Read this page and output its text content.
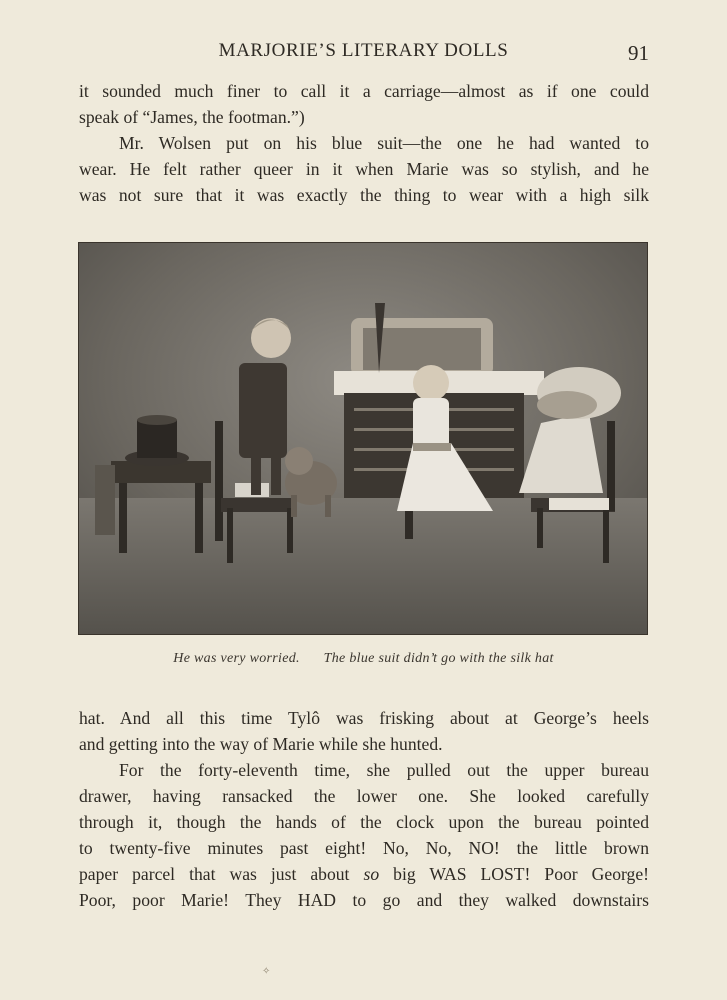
MARJORIE’S LITERARY DOLLS	91
it sounded much finer to call it a carriage—almost as if one could
speak of “James, the footman.”)
Mr. Wolsen put on his blue suit—the one he had wanted to
wear. He felt rather queer in it when Marie was so stylish, and he
was not sure that it was exactly the thing to wear with a high silk
He was very worried. The blue suit didn’t go with the silk hat
hat. And all this time Tylô was frisking about at George’s heels
and getting into the way of Marie while she hunted.
For the forty-eleventh time, she pulled out the upper bureau
drawer, having ransacked the lower one. She looked carefully
through it, though the hands of the clock upon the bureau pointed
to twenty-five minutes past eight! No, No, NO! the little brown
paper parcel that was just about so big WAS LOST! Poor George!
Poor, poor Marie! They HAD to go and they walked downstairs
✧
